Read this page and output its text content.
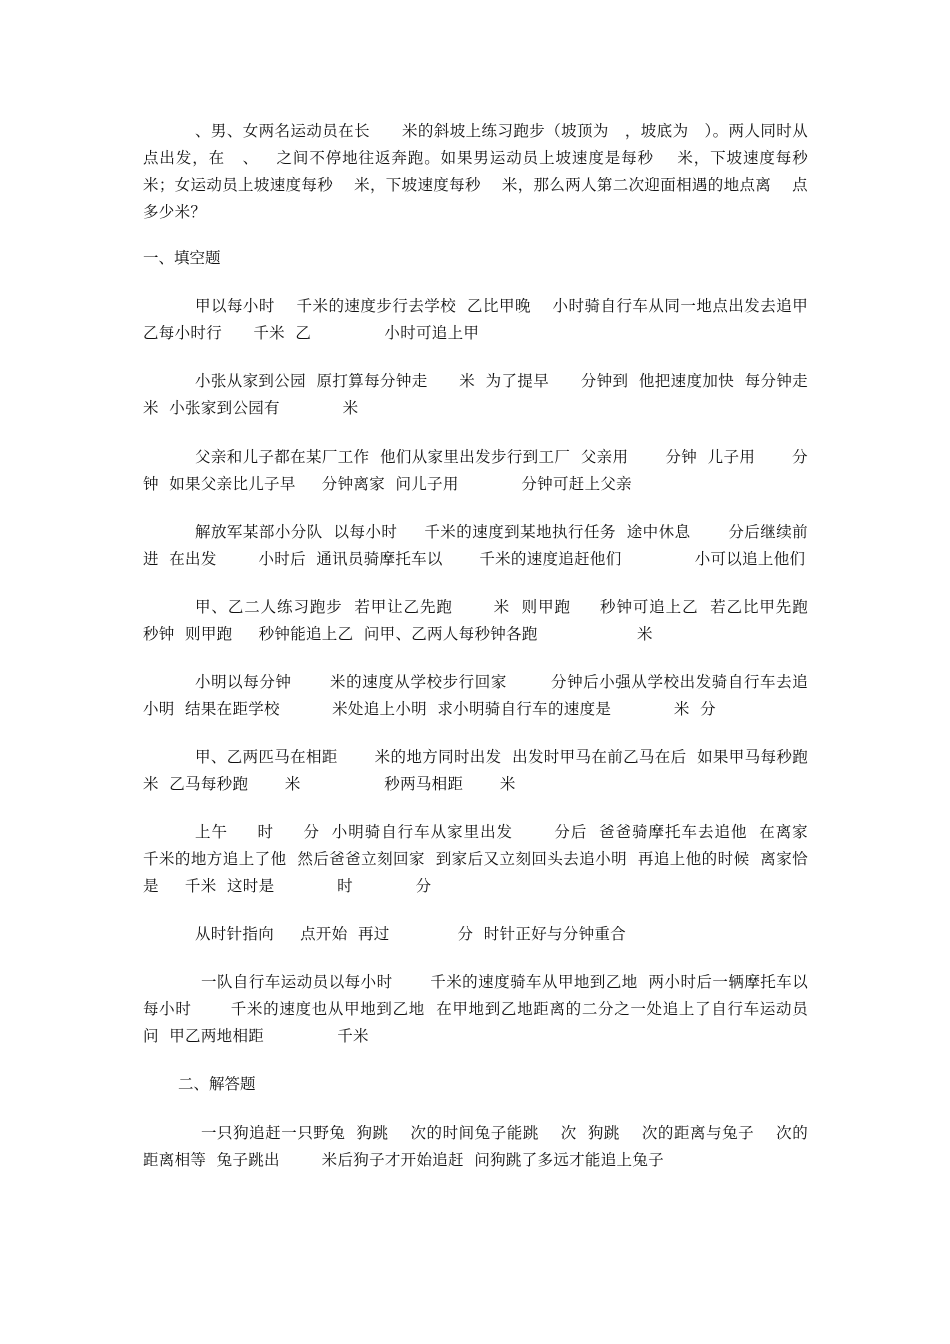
、男、女两名运动员在长      米的斜坡上练习跑步（坡顶为   ，坡底为   ）。两人同时从    点出发，在   、   之间不停地往返奔跑。如果男运动员上坡速度是每秒    米，下坡速度每秒    米；女运动员上坡速度每秒    米，下坡速度每秒    米，那么两人第二次迎面相遇的地点离    点多少米？

一、填空题

甲以每小时    千米的速度步行去学校  乙比甲晚    小时骑自行车从同一地点出发去追甲  乙每小时行      千米  乙              小时可追上甲

小张从家到公园  原打算每分钟走      米  为了提早      分钟到  他把速度加快  每分钟走     米  小张家到公园有            米

父亲和儿子都在某厂工作  他们从家里出发步行到工厂  父亲用       分钟  儿子用       分钟  如果父亲比儿子早     分钟离家  问儿子用            分钟可赶上父亲

解放军某部小分队  以每小时     千米的速度到某地执行任务  途中休息       分后继续前进  在出发        小时后  通讯员骑摩托车以       千米的速度追赶他们              小可以追上他们

甲、乙二人练习跑步  若甲让乙先跑       米  则甲跑     秒钟可追上乙  若乙比甲先跑     秒钟  则甲跑     秒钟能追上乙  问甲、乙两人每秒钟各跑                   米

小明以每分钟       米的速度从学校步行回家        分钟后小强从学校出发骑自行车去追小明  结果在距学校          米处追上小明  求小明骑自行车的速度是            米  分

甲、乙两匹马在相距       米的地方同时出发  出发时甲马在前乙马在后  如果甲马每秒跑       米  乙马每秒跑       米                秒两马相距       米

上午     时     分  小明骑自行车从家里出发       分后  爸爸骑摩托车去追他  在离家     千米的地方追上了他  然后爸爸立刻回家  到家后又立刻回头去追小明  再追上他的时候  离家恰是     千米  这时是            时            分

从时针指向     点开始  再过             分  时针正好与分钟重合

一队自行车运动员以每小时       千米的速度骑车从甲地到乙地  两小时后一辆摩托车以每小时       千米的速度也从甲地到乙地  在甲地到乙地距离的二分之一处追上了自行车运动员  问  甲乙两地相距              千米

二、解答题

一只狗追赶一只野兔  狗跳    次的时间兔子能跳    次  狗跳    次的距离与兔子    次的距离相等  兔子跳出        米后狗子才开始追赶  问狗跳了多远才能追上兔子
